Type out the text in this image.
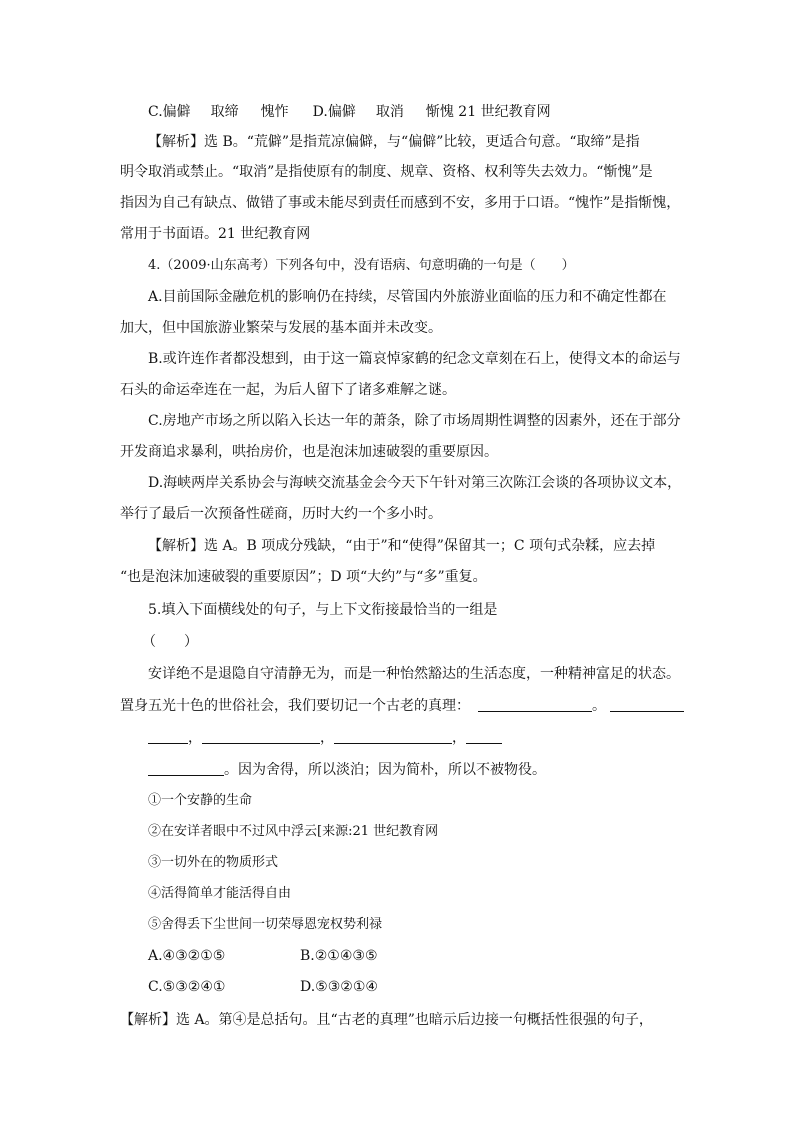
C.偏僻 取缔 愧怍 D.偏僻 取消 惭愧 21 世纪教育网
【解析】选 B。“荒僻”是指荒凉偏僻，与“偏僻”比较，更适合句意。“取缔”是指
明令取消或禁止。“取消”是指使原有的制度、规章、资格、权利等失去效力。“惭愧”是
指因为自己有缺点、做错了事或未能尽到责任而感到不安，多用于口语。“愧怍”是指惭愧，
常用于书面语。21 世纪教育网
4.（2009·山东高考）下列各句中，没有语病、句意明确的一句是（　　）
A.目前国际金融危机的影响仍在持续，尽管国内外旅游业面临的压力和不确定性都在
加大，但中国旅游业繁荣与发展的基本面并未改变。
B.或许连作者都没想到，由于这一篇哀悼家鹤的纪念文章刻在石上，使得文本的命运与
石头的命运牵连在一起，为后人留下了诸多难解之谜。
C.房地产市场之所以陷入长达一年的萧条，除了市场周期性调整的因素外，还在于部分
开发商追求暴利，哄抬房价，也是泡沫加速破裂的重要原因。
D.海峡两岸关系协会与海峡交流基金会今天下午针对第三次陈江会谈的各项协议文本，
举行了最后一次预备性磋商，历时大约一个多小时。
【解析】选 A。B 项成分残缺，“由于”和“使得”保留其一；C 项句式杂糅，应去掉
“也是泡沫加速破裂的重要原因”；D 项“大约”与“多”重复。
5.填入下面横线处的句子，与上下文衔接最恰当的一组是
（　　）
安详绝不是退隐自守清静无为，而是一种怡然豁达的生活态度，一种精神富足的状态。
置身五光十色的世俗社会，我们要切记一个古老的真理：	。
，	，	，
。因为舍得，所以淡泊；因为简朴，所以不被物役。
①一个安静的生命
②在安详者眼中不过风中浮云[来源:21 世纪教育网
③一切外在的物质形式
④活得简单才能活得自由
⑤舍得丢下尘世间一切荣辱恩宠权势利禄
A.④③②①⑤	B.②①④③⑤
C.⑤③②④①	D.⑤③②①④
【解析】选 A。第④是总括句。且“古老的真理”也暗示后边接一句概括性很强的句子，
